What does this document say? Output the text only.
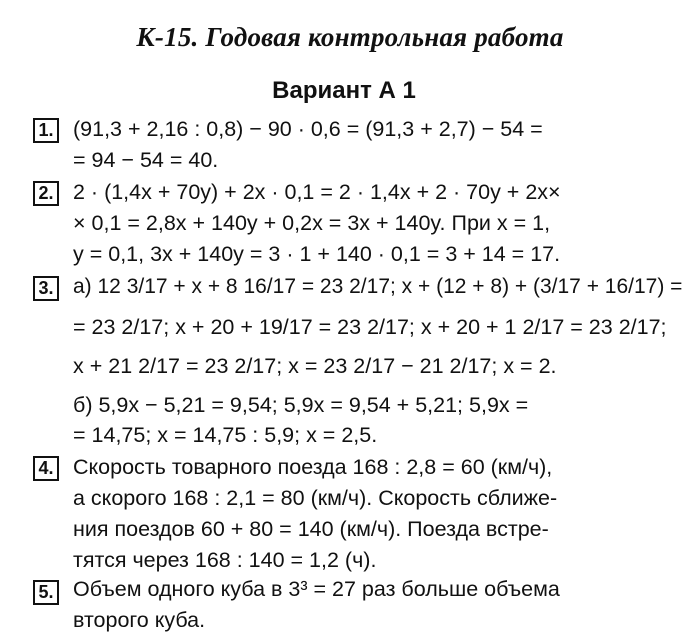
К-15. Годовая контрольная работа
Вариант А 1
1. (91,3 + 2,16 : 0,8) − 90 · 0,6 = (91,3 + 2,7) − 54 =
= 94 − 54 = 40.
2. 2 · (1,4x + 70y) + 2x · 0,1 = 2 · 1,4x + 2 · 70y + 2x×
× 0,1 = 2,8x + 140y + 0,2x = 3x + 140y. При x = 1,
y = 0,1, 3x + 140y = 3 · 1 + 140 · 0,1 = 3 + 14 = 17.
3. а) 12 3/17 + x + 8 16/17 = 23 2/17; x + (12 + 8) + (3/17 + 16/17) =
= 23 2/17; x + 20 + 19/17 = 23 2/17; x + 20 + 1 2/17 = 23 2/17;
x + 21 2/17 = 23 2/17; x = 23 2/17 − 21 2/17; x = 2.
б) 5,9x − 5,21 = 9,54; 5,9x = 9,54 + 5,21; 5,9x =
= 14,75; x = 14,75 : 5,9; x = 2,5.
4. Скорость товарного поезда 168 : 2,8 = 60 (км/ч),
а скорого 168 : 2,1 = 80 (км/ч). Скорость сближе-
ния поездов 60 + 80 = 140 (км/ч). Поезда встре-
тятся через 168 : 140 = 1,2 (ч).
5. Объем одного куба в 3³ = 27 раз больше объема
второго куба.
